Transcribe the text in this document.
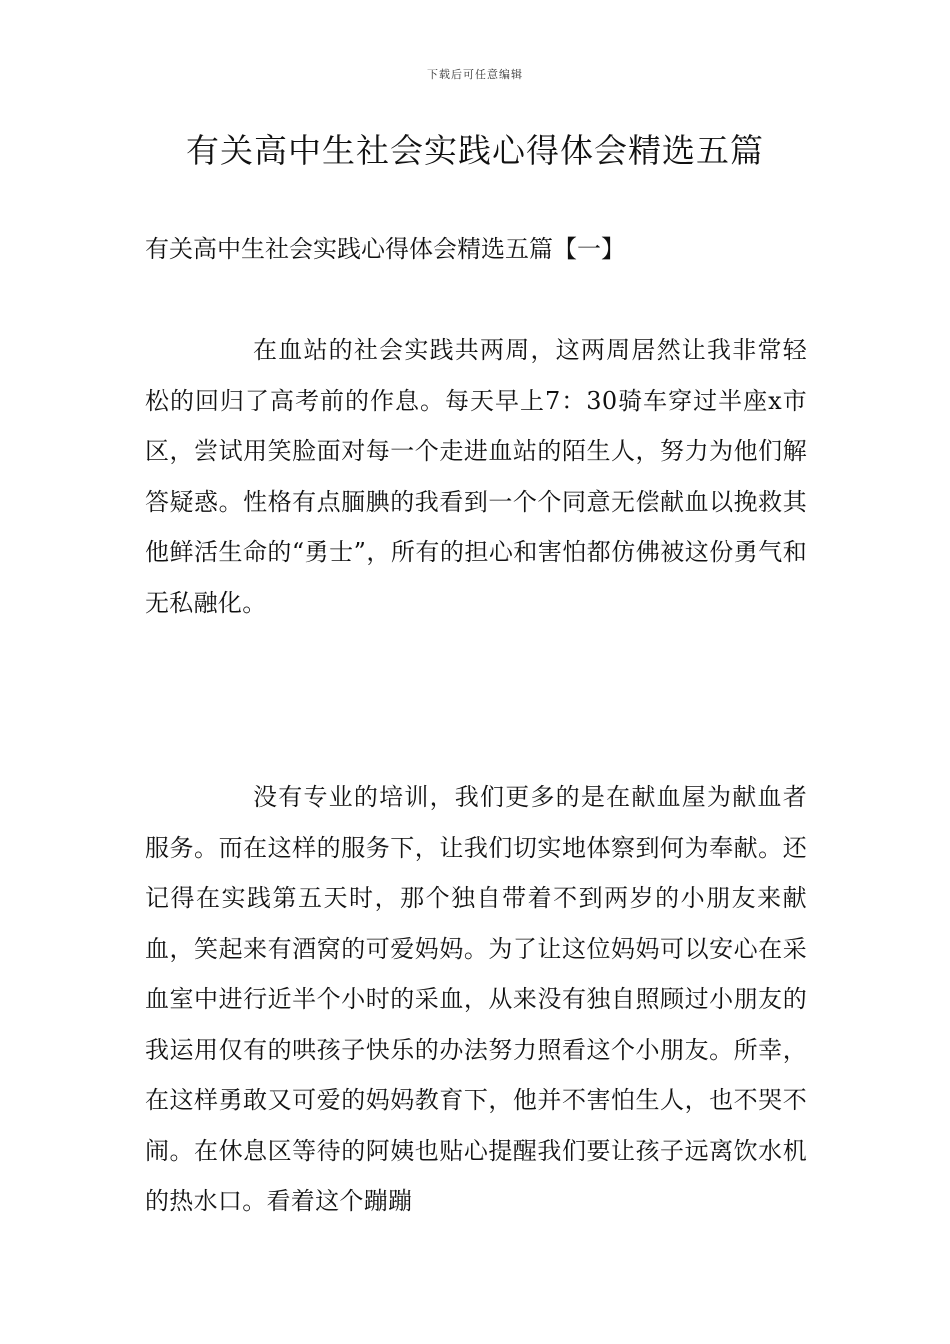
下载后可任意编辑
有关高中生社会实践心得体会精选五篇
有关高中生社会实践心得体会精选五篇【一】

在血站的社会实践共两周，这两周居然让我非常轻松的回归了高考前的作息。每天早上7：30骑车穿过半座x市区，尝试用笑脸面对每一个走进血站的陌生人，努力为他们解答疑惑。性格有点腼腆的我看到一个个同意无偿献血以挽救其他鲜活生命的“勇士”，所有的担心和害怕都仿佛被这份勇气和无私融化。

没有专业的培训，我们更多的是在献血屋为献血者服务。而在这样的服务下，让我们切实地体察到何为奉献。还记得在实践第五天时，那个独自带着不到两岁的小朋友来献血，笑起来有酒窝的可爱妈妈。为了让这位妈妈可以安心在采血室中进行近半个小时的采血，从来没有独自照顾过小朋友的我运用仅有的哄孩子快乐的办法努力照看这个小朋友。所幸，在这样勇敢又可爱的妈妈教育下，他并不害怕生人，也不哭不闹。在休息区等待的阿姨也贴心提醒我们要让孩子远离饮水机的热水口。看着这个蹦蹦
